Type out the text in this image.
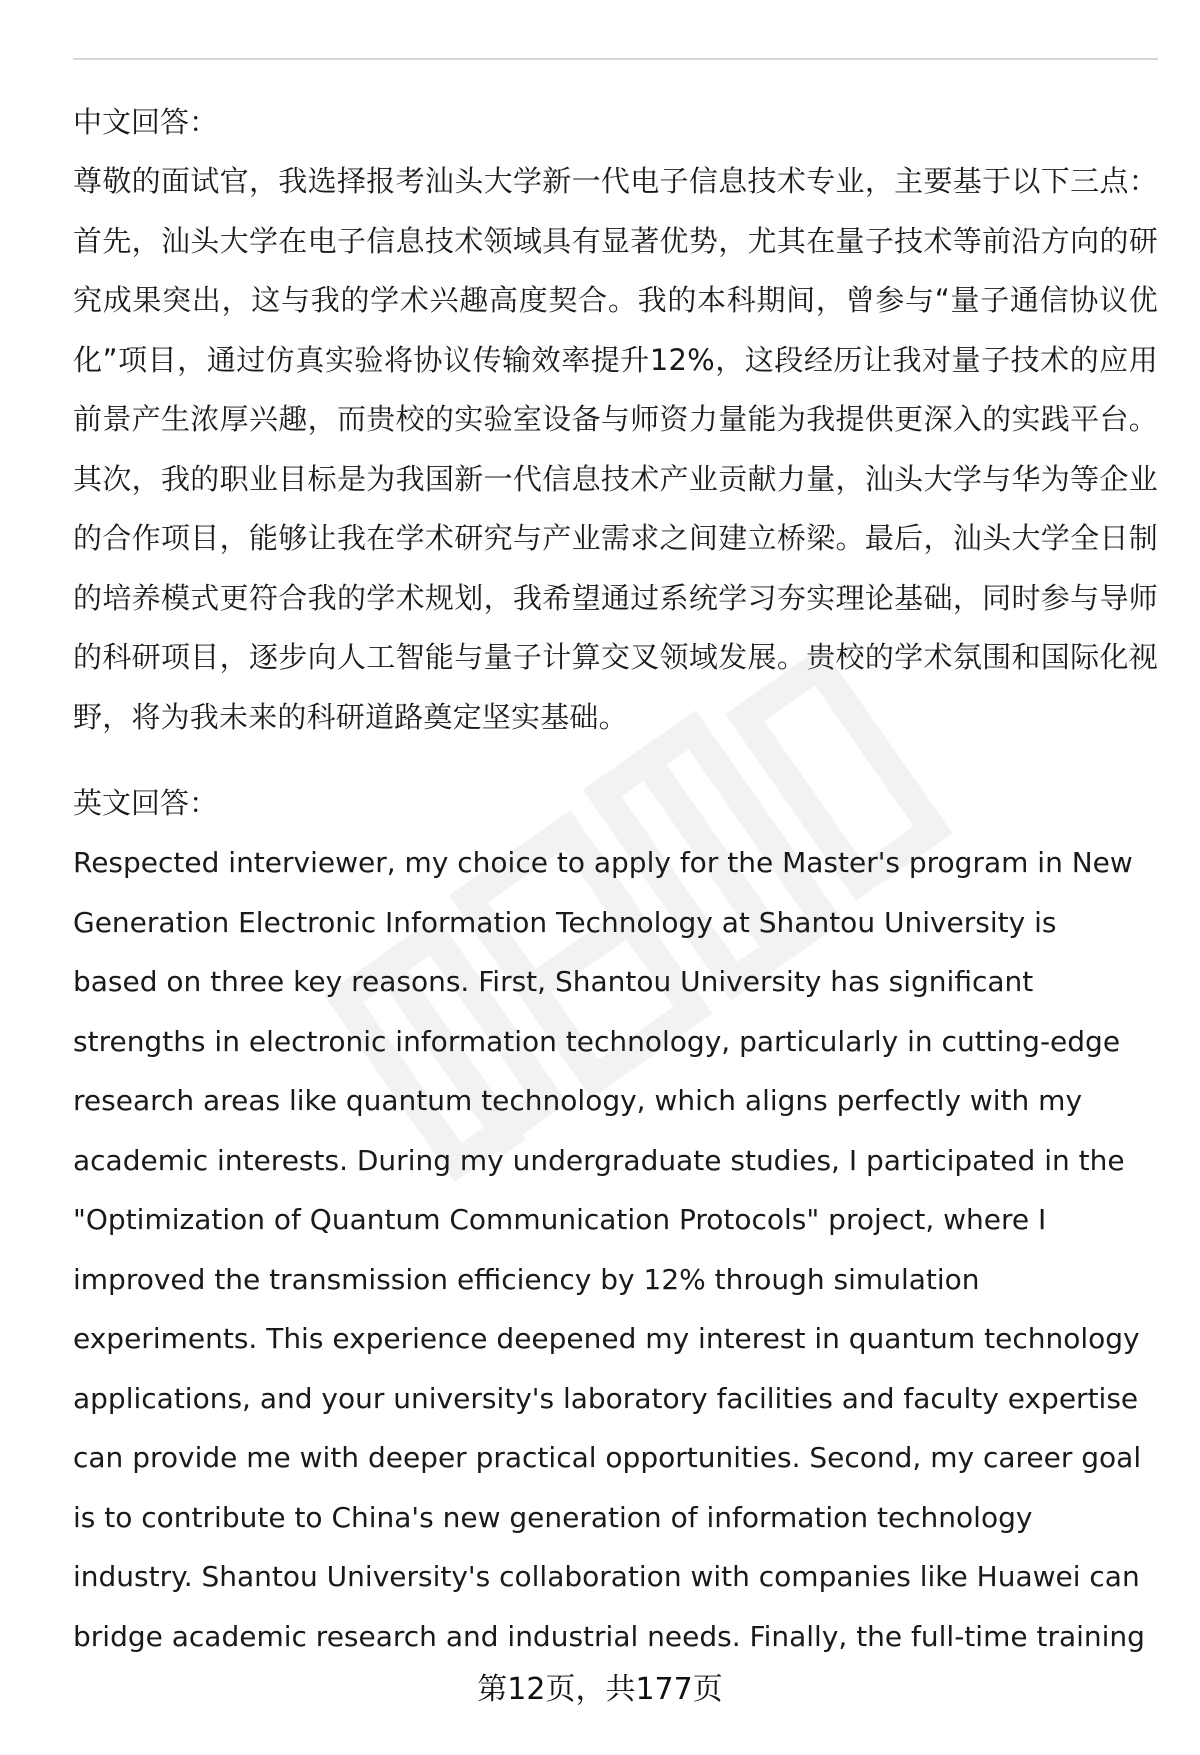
中文回答：

尊敬的面试官，我选择报考汕头大学新一代电子信息技术专业，主要基于以下三点：首先，汕头大学在电子信息技术领域具有显著优势，尤其在量子技术等前沿方向的研究成果突出，这与我的学术兴趣高度契合。我的本科期间，曾参与“量子通信协议优化”项目，通过仿真实验将协议传输效率提升12%，这段经历让我对量子技术的应用前景产生浓厚兴趣，而贵校的实验室设备与师资力量能为我提供更深入的实践平台。其次，我的职业目标是为我国新一代信息技术产业贡献力量，汕头大学与华为等企业的合作项目，能够让我在学术研究与产业需求之间建立桥梁。最后，汕头大学全日制的培养模式更符合我的学术规划，我希望通过系统学习夯实理论基础，同时参与导师的科研项目，逐步向人工智能与量子计算交叉领域发展。贵校的学术氛围和国际化视野，将为我未来的科研道路奠定坚实基础。

英文回答：

Respected interviewer, my choice to apply for the Master's program in New
Generation Electronic Information Technology at Shantou University is
based on three key reasons. First, Shantou University has significant
strengths in electronic information technology, particularly in cutting-edge
research areas like quantum technology, which aligns perfectly with my
academic interests. During my undergraduate studies, I participated in the
"Optimization of Quantum Communication Protocols" project, where I
improved the transmission efficiency by 12% through simulation
experiments. This experience deepened my interest in quantum technology
applications, and your university's laboratory facilities and faculty expertise
can provide me with deeper practical opportunities. Second, my career goal
is to contribute to China's new generation of information technology
industry. Shantou University's collaboration with companies like Huawei can
bridge academic research and industrial needs. Finally, the full-time training

第12页，共177页
